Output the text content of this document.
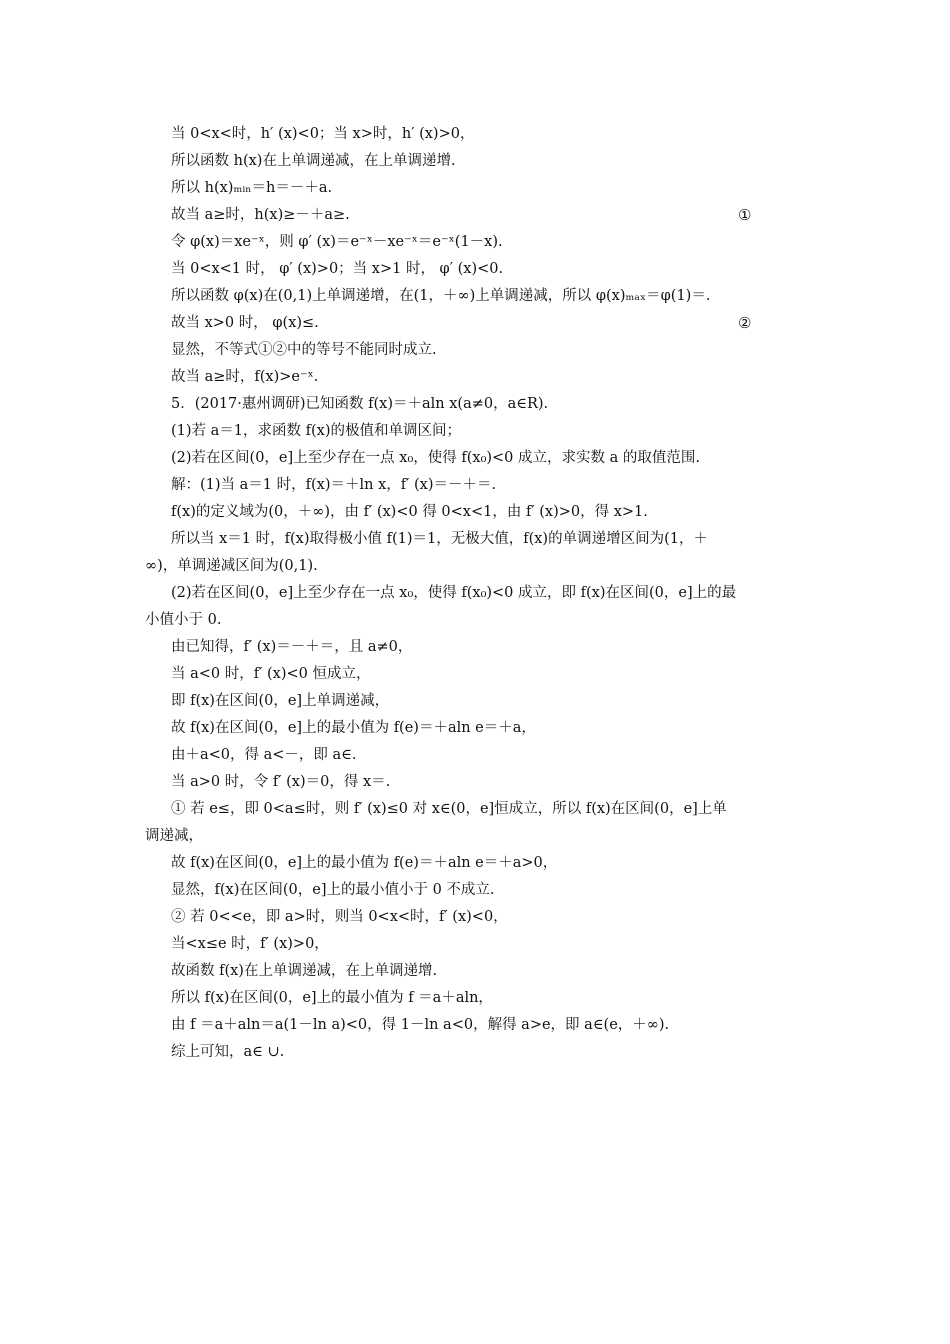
当 0<x<时，h′ (x)<0；当 x>时，h′ (x)>0，
所以函数 h(x)在上单调递减，在上单调递增.
所以 h(x)ₘᵢₙ＝h＝－＋a.
故当 a≥时，h(x)≥－＋a≥.	①
令 φ(x)＝xe⁻ˣ，则 φ′ (x)＝e⁻ˣ－xe⁻ˣ＝e⁻ˣ(1－x).
当 0<x<1 时， φ′ (x)>0；当 x>1 时， φ′ (x)<0.
所以函数 φ(x)在(0,1)上单调递增，在(1，＋∞)上单调递减，所以 φ(x)ₘₐₓ＝φ(1)＝.
故当 x>0 时， φ(x)≤.	②
显然，不等式①②中的等号不能同时成立.
故当 a≥时，f(x)>e⁻ˣ.
5．(2017·惠州调研)已知函数 f(x)＝＋aln x(a≠0，a∈R).
(1)若 a＝1，求函数 f(x)的极值和单调区间；
(2)若在区间(0，e]上至少存在一点 x₀，使得 f(x₀)<0 成立，求实数 a 的取值范围.
解：(1)当 a＝1 时，f(x)＝＋ln x，f′ (x)＝－＋＝.
f(x)的定义域为(0，＋∞)，由 f′ (x)<0 得 0<x<1，由 f′ (x)>0，得 x>1.
所以当 x＝1 时，f(x)取得极小值 f(1)＝1，无极大值，f(x)的单调递增区间为(1，＋
∞)，单调递减区间为(0,1).
(2)若在区间(0，e]上至少存在一点 x₀，使得 f(x₀)<0 成立，即 f(x)在区间(0，e]上的最
小值小于 0.
由已知得，f′ (x)＝－＋＝，且 a≠0，
当 a<0 时，f′ (x)<0 恒成立，
即 f(x)在区间(0，e]上单调递减，
故 f(x)在区间(0，e]上的最小值为 f(e)＝＋aln e＝＋a，
由＋a<0，得 a<－，即 a∈.
当 a>0 时，令 f′ (x)＝0，得 x＝.
① 若 e≤，即 0<a≤时，则 f′ (x)≤0 对 x∈(0，e]恒成立，所以 f(x)在区间(0，e]上单
调递减，
故 f(x)在区间(0，e]上的最小值为 f(e)＝＋aln e＝＋a>0，
显然，f(x)在区间(0，e]上的最小值小于 0 不成立.
② 若 0<<e，即 a>时，则当 0<x<时，f′ (x)<0，
当<x≤e 时，f′ (x)>0，
故函数 f(x)在上单调递减，在上单调递增.
所以 f(x)在区间(0，e]上的最小值为 f ＝a＋aln，
由 f ＝a＋aln＝a(1－ln a)<0，得 1－ln a<0，解得 a>e，即 a∈(e，＋∞).
综上可知，a∈ ∪.
